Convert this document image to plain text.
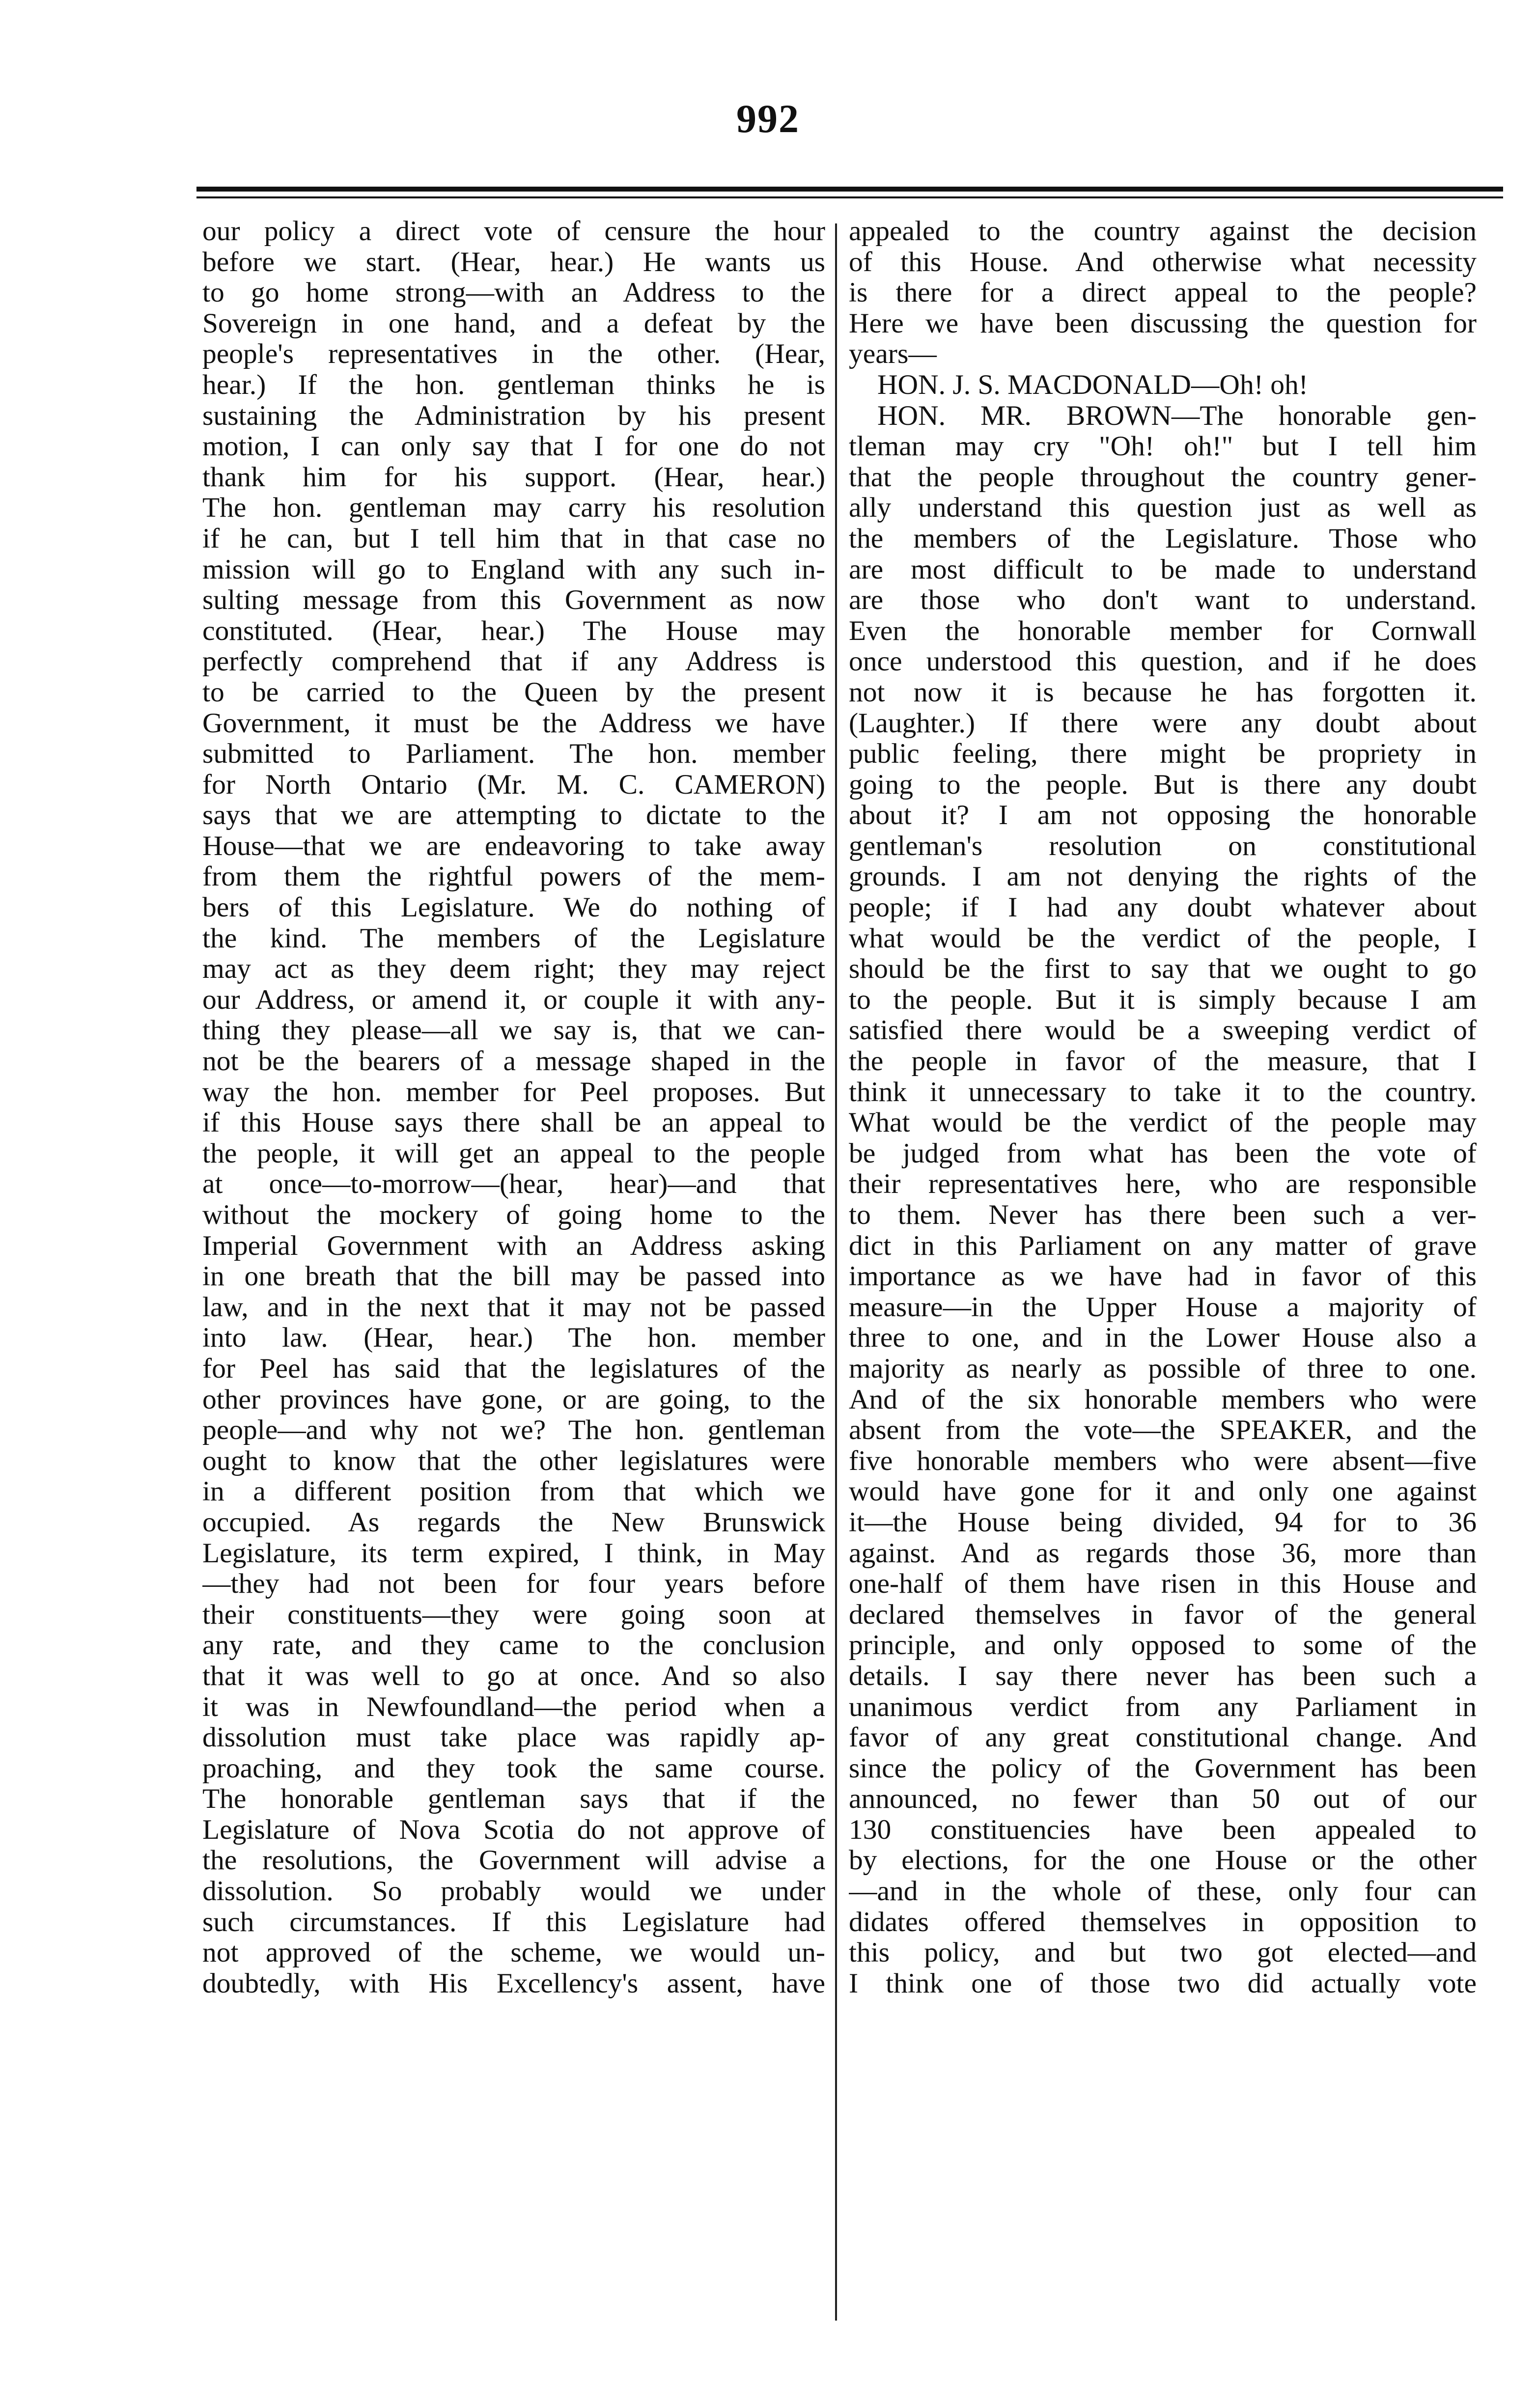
992
our policy a direct vote of censure the hour
before we start. (Hear, hear.) He wants us
to go home strong—with an Address to the
Sovereign in one hand, and a defeat by the
people's representatives in the other. (Hear,
hear.) If the hon. gentleman thinks he is
sustaining the Administration by his present
motion, I can only say that I for one do not
thank him for his support. (Hear, hear.)
The hon. gentleman may carry his resolution
if he can, but I tell him that in that case no
mission will go to England with any such in-
sulting message from this Government as now
constituted. (Hear, hear.) The House may
perfectly comprehend that if any Address is
to be carried to the Queen by the present
Government, it must be the Address we have
submitted to Parliament. The hon. member
for North Ontario (Mr. M. C. CAMERON)
says that we are attempting to dictate to the
House—that we are endeavoring to take away
from them the rightful powers of the mem-
bers of this Legislature. We do nothing of
the kind. The members of the Legislature
may act as they deem right; they may reject
our Address, or amend it, or couple it with any-
thing they please—all we say is, that we can-
not be the bearers of a message shaped in the
way the hon. member for Peel proposes. But
if this House says there shall be an appeal to
the people, it will get an appeal to the people
at once—to-morrow—(hear, hear)—and that
without the mockery of going home to the
Imperial Government with an Address asking
in one breath that the bill may be passed into
law, and in the next that it may not be passed
into law. (Hear, hear.) The hon. member
for Peel has said that the legislatures of the
other provinces have gone, or are going, to the
people—and why not we? The hon. gentleman
ought to know that the other legislatures were
in a different position from that which we
occupied. As regards the New Brunswick
Legislature, its term expired, I think, in May
—they had not been for four years before
their constituents—they were going soon at
any rate, and they came to the conclusion
that it was well to go at once. And so also
it was in Newfoundland—the period when a
dissolution must take place was rapidly ap-
proaching, and they took the same course.
The honorable gentleman says that if the
Legislature of Nova Scotia do not approve of
the resolutions, the Government will advise a
dissolution. So probably would we under
such circumstances. If this Legislature had
not approved of the scheme, we would un-
doubtedly, with His Excellency's assent, have
appealed to the country against the decision
of this House. And otherwise what necessity
is there for a direct appeal to the people?
Here we have been discussing the question for
years—
HON. J. S. MACDONALD—Oh! oh!
HON. MR. BROWN—The honorable gen-
tleman may cry "Oh! oh!" but I tell him
that the people throughout the country gener-
ally understand this question just as well as
the members of the Legislature. Those who
are most difficult to be made to understand
are those who don't want to understand.
Even the honorable member for Cornwall
once understood this question, and if he does
not now it is because he has forgotten it.
(Laughter.) If there were any doubt about
public feeling, there might be propriety in
going to the people. But is there any doubt
about it? I am not opposing the honorable
gentleman's resolution on constitutional
grounds. I am not denying the rights of the
people; if I had any doubt whatever about
what would be the verdict of the people, I
should be the first to say that we ought to go
to the people. But it is simply because I am
satisfied there would be a sweeping verdict of
the people in favor of the measure, that I
think it unnecessary to take it to the country.
What would be the verdict of the people may
be judged from what has been the vote of
their representatives here, who are responsible
to them. Never has there been such a ver-
dict in this Parliament on any matter of grave
importance as we have had in favor of this
measure—in the Upper House a majority of
three to one, and in the Lower House also a
majority as nearly as possible of three to one.
And of the six honorable members who were
absent from the vote—the SPEAKER, and the
five honorable members who were absent—five
would have gone for it and only one against
it—the House being divided, 94 for to 36
against. And as regards those 36, more than
one-half of them have risen in this House and
declared themselves in favor of the general
principle, and only opposed to some of the
details. I say there never has been such a
unanimous verdict from any Parliament in
favor of any great constitutional change. And
since the policy of the Government has been
announced, no fewer than 50 out of our
130 constituencies have been appealed to
by elections, for the one House or the other
—and in the whole of these, only four can
didates offered themselves in opposition to
this policy, and but two got elected—and
I think one of those two did actually vote
